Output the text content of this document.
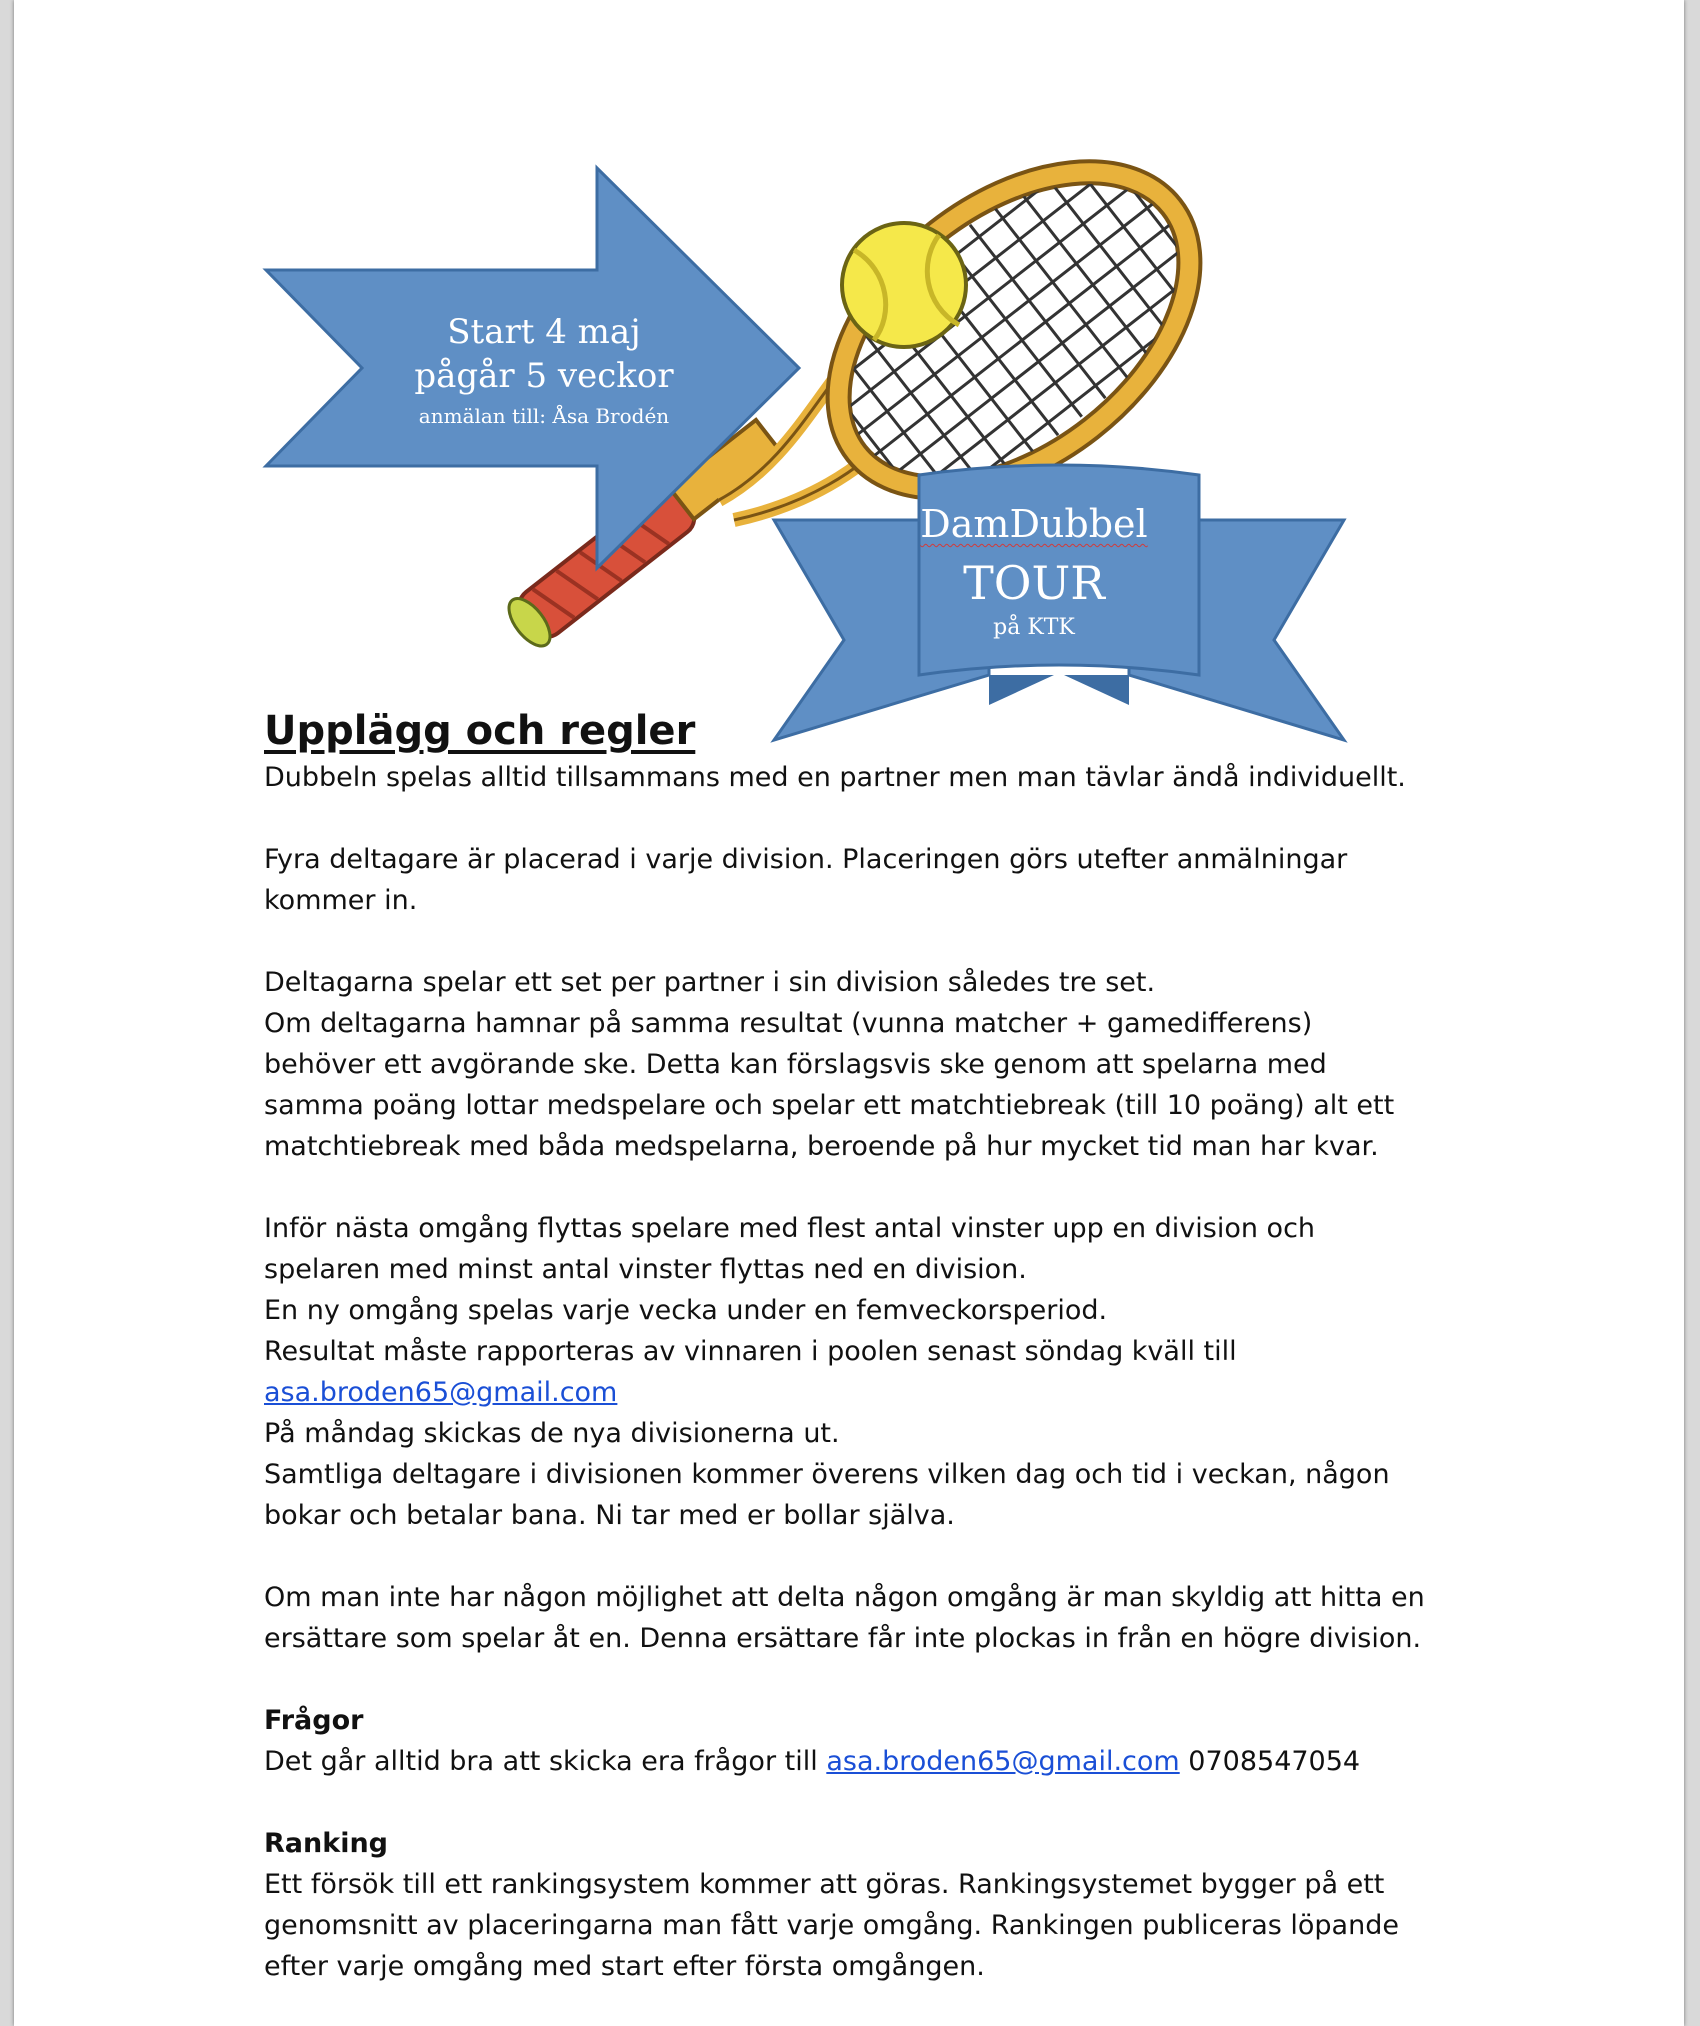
Start 4 maj
pågår 5 veckor
anmälan till: Åsa Brodén
DamDubbel
TOUR
på KTK
Upplägg och regler

Dubbeln spelas alltid tillsammans med en partner men man tävlar ändå individuellt.

Fyra deltagare är placerad i varje division. Placeringen görs utefter anmälningar

kommer in.

Deltagarna spelar ett set per partner i sin division således tre set.

Om deltagarna hamnar på samma resultat (vunna matcher + gamedifferens)

behöver ett avgörande ske. Detta kan förslagsvis ske genom att spelarna med

samma poäng lottar medspelare och spelar ett matchtiebreak (till 10 poäng) alt ett

matchtiebreak med båda medspelarna, beroende på hur mycket tid man har kvar.

Inför nästa omgång flyttas spelare med flest antal vinster upp en division och

spelaren med minst antal vinster flyttas ned en division.

En ny omgång spelas varje vecka under en femveckorsperiod.

Resultat måste rapporteras av vinnaren i poolen senast söndag kväll till

asa.broden65@gmail.com

På måndag skickas de nya divisionerna ut.

Samtliga deltagare i divisionen kommer överens vilken dag och tid i veckan, någon

bokar och betalar bana. Ni tar med er bollar själva.

Om man inte har någon möjlighet att delta någon omgång är man skyldig att hitta en

ersättare som spelar åt en. Denna ersättare får inte plockas in från en högre division.

Frågor

Det går alltid bra att skicka era frågor till asa.broden65@gmail.com 0708547054

Ranking

Ett försök till ett rankingsystem kommer att göras. Rankingsystemet bygger på ett

genomsnitt av placeringarna man fått varje omgång. Rankingen publiceras löpande

efter varje omgång med start efter första omgången.
